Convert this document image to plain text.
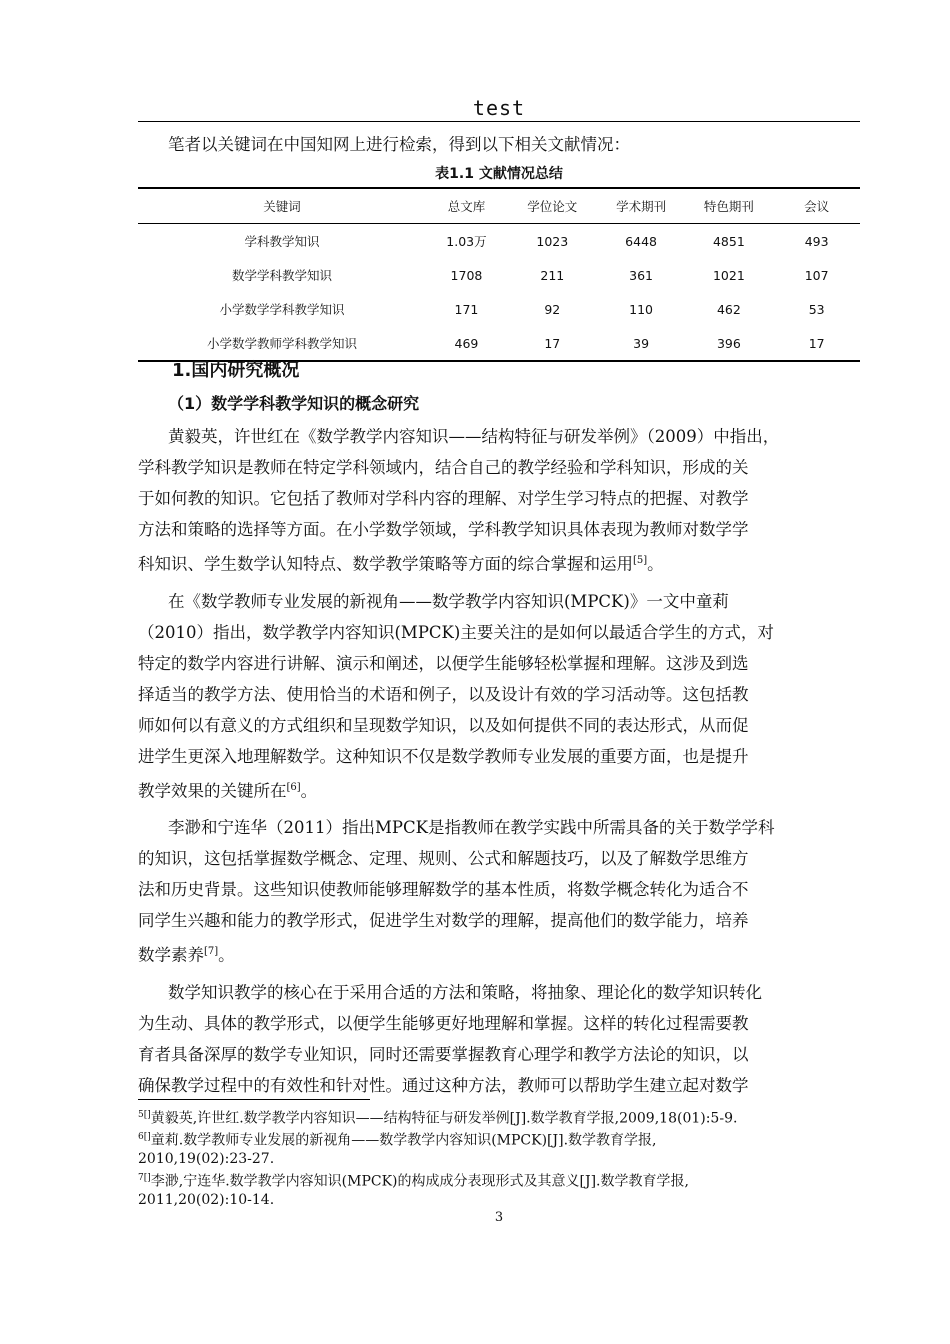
test
笔者以关键词在中国知网上进行检索，得到以下相关文献情况：
表1.1 文献情况总结
关键词	总文库	学位论文	学术期刊	特色期刊	会议
学科教学知识	1.03万	1023	6448	4851	493
数学学科教学知识	1708	211	361	1021	107
小学数学学科教学知识	171	92	110	462	53
小学数学教师学科教学知识	469	17	39	396	17
1.国内研究概况
（1）数学学科教学知识的概念研究

黄毅英，许世红在《数学教学内容知识——结构特征与研发举例》（2009）中指出，
学科教学知识是教师在特定学科领域内，结合自己的教学经验和学科知识，形成的关
于如何教的知识。它包括了教师对学科内容的理解、对学生学习特点的把握、对教学
方法和策略的选择等方面。在小学数学领域，学科教学知识具体表现为教师对数学学
科知识、学生数学认知特点、数学教学策略等方面的综合掌握和运用[5]。

在《数学教师专业发展的新视角——数学教学内容知识(MPCK)》一文中童莉
（2010）指出，数学教学内容知识(MPCK)主要关注的是如何以最适合学生的方式，对
特定的数学内容进行讲解、演示和阐述，以便学生能够轻松掌握和理解。这涉及到选
择适当的教学方法、使用恰当的术语和例子，以及设计有效的学习活动等。这包括教
师如何以有意义的方式组织和呈现数学知识，以及如何提供不同的表达形式，从而促
进学生更深入地理解数学。这种知识不仅是数学教师专业发展的重要方面，也是提升
教学效果的关键所在[6]。

李渺和宁连华（2011）指出MPCK是指教师在教学实践中所需具备的关于数学学科
的知识，这包括掌握数学概念、定理、规则、公式和解题技巧，以及了解数学思维方
法和历史背景。这些知识使教师能够理解数学的基本性质，将数学概念转化为适合不
同学生兴趣和能力的教学形式，促进学生对数学的理解，提高他们的数学能力，培养
数学素养[7]。

数学知识教学的核心在于采用合适的方法和策略，将抽象、理论化的数学知识转化
为生动、具体的教学形式，以便学生能够更好地理解和掌握。这样的转化过程需要教
育者具备深厚的数学专业知识，同时还需要掌握教育心理学和教学方法论的知识，以
确保教学过程中的有效性和针对性。通过这种方法，教师可以帮助学生建立起对数学

$^{5[]}$黄毅英,许世红.数学教学内容知识——结构特征与研发举例[J].数学教育学报,2009,18(01):5-9.
$^{6[]}$童莉.数学教师专业发展的新视角——数学教学内容知识(MPCK)[J].数学教育学报,
2010,19(02):23-27.
$^{7[]}$李渺,宁连华.数学教学内容知识(MPCK)的构成成分表现形式及其意义[J].数学教育学报,
2011,20(02):10-14.
3
